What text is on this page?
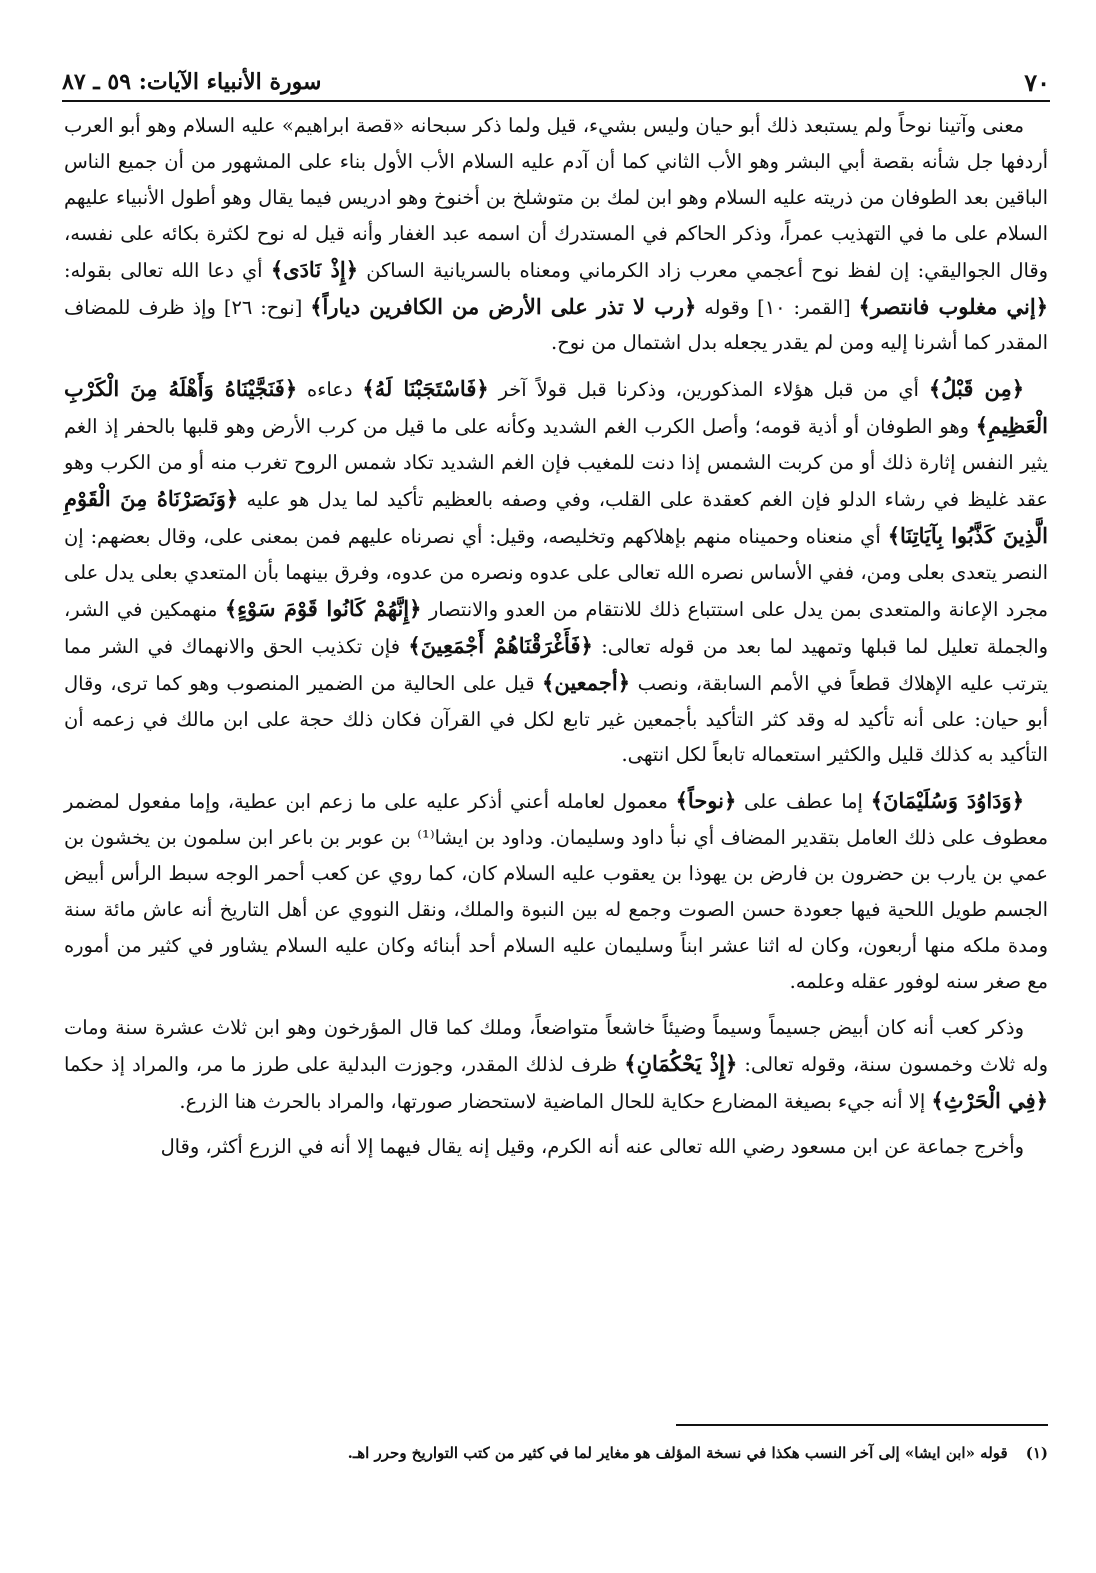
٧٠
سورة الأنبياء الآيات: ٥٩ ـ ٨٧

معنى وآتينا نوحاً ولم يستبعد ذلك أبو حيان وليس بشيء، قيل ولما ذكر سبحانه «قصة ابراهيم» عليه السلام وهو أبو العرب أردفها جل شأنه بقصة أبي البشر وهو الأب الثاني كما أن آدم عليه السلام الأب الأول بناء على المشهور من أن جميع الناس الباقين بعد الطوفان من ذريته عليه السلام وهو ابن لمك بن متوشلخ بن أخنوخ وهو ادريس فيما يقال وهو أطول الأنبياء عليهم السلام على ما في التهذيب عمراً، وذكر الحاكم في المستدرك أن اسمه عبد الغفار وأنه قيل له نوح لكثرة بكائه على نفسه، وقال الجواليقي: إن لفظ نوح أعجمي معرب زاد الكرماني ومعناه بالسريانية الساكن ﴿إِذْ نَادَى﴾ أي دعا الله تعالى بقوله: ﴿إني مغلوب فانتصر﴾ [القمر: ١٠] وقوله ﴿رب لا تذر على الأرض من الكافرين دياراً﴾ [نوح: ٢٦] وإذ ظرف للمضاف المقدر كما أشرنا إليه ومن لم يقدر يجعله بدل اشتمال من نوح.

﴿مِن قَبْلُ﴾ أي من قبل هؤلاء المذكورين، وذكرنا قبل قولاً آخر ﴿فَاسْتَجَبْنَا لَهُ﴾ دعاءه ﴿فَنَجَّيْنَاهُ وَأَهْلَهُ مِنَ الْكَرْبِ الْعَظِيمِ﴾ وهو الطوفان أو أذية قومه؛ وأصل الكرب الغم الشديد وكأنه على ما قيل من كرب الأرض وهو قلبها بالحفر إذ الغم يثير النفس إثارة ذلك أو من كربت الشمس إذا دنت للمغيب فإن الغم الشديد تكاد شمس الروح تغرب منه أو من الكرب وهو عقد غليظ في رشاء الدلو فإن الغم كعقدة على القلب، وفي وصفه بالعظيم تأكيد لما يدل هو عليه ﴿وَنَصَرْنَاهُ مِنَ الْقَوْمِ الَّذِينَ كَذَّبُوا بِآيَاتِنَا﴾ أي منعناه وحميناه منهم بإهلاكهم وتخليصه، وقيل: أي نصرناه عليهم فمن بمعنى على، وقال بعضهم: إن النصر يتعدى بعلى ومن، ففي الأساس نصره الله تعالى على عدوه ونصره من عدوه، وفرق بينهما بأن المتعدي بعلى يدل على مجرد الإعانة والمتعدى بمن يدل على استتباع ذلك للانتقام من العدو والانتصار ﴿إِنَّهُمْ كَانُوا قَوْمَ سَوْءٍ﴾ منهمكين في الشر، والجملة تعليل لما قبلها وتمهيد لما بعد من قوله تعالى: ﴿فَأَغْرَقْنَاهُمْ أَجْمَعِينَ﴾ فإن تكذيب الحق والانهماك في الشر مما يترتب عليه الإهلاك قطعاً في الأمم السابقة، ونصب ﴿أجمعين﴾ قيل على الحالية من الضمير المنصوب وهو كما ترى، وقال أبو حيان: على أنه تأكيد له وقد كثر التأكيد بأجمعين غير تابع لكل في القرآن فكان ذلك حجة على ابن مالك في زعمه أن التأكيد به كذلك قليل والكثير استعماله تابعاً لكل انتهى.

﴿وَدَاوُدَ وَسُلَيْمَانَ﴾ إما عطف على ﴿نوحاً﴾ معمول لعامله أعني أذكر عليه على ما زعم ابن عطية، وإما مفعول لمضمر معطوف على ذلك العامل بتقدير المضاف أي نبأ داود وسليمان. وداود بن ايشا⁽¹⁾ بن عوبر بن باعر ابن سلمون بن يخشون بن عمي بن يارب بن حضرون بن فارض بن يهوذا بن يعقوب عليه السلام كان، كما روي عن كعب أحمر الوجه سبط الرأس أبيض الجسم طويل اللحية فيها جعودة حسن الصوت وجمع له بين النبوة والملك، ونقل النووي عن أهل التاريخ أنه عاش مائة سنة ومدة ملكه منها أربعون، وكان له اثنا عشر ابناً وسليمان عليه السلام أحد أبنائه وكان عليه السلام يشاور في كثير من أموره مع صغر سنه لوفور عقله وعلمه.

وذكر كعب أنه كان أبيض جسيماً وسيماً وضيئاً خاشعاً متواضعاً، وملك كما قال المؤرخون وهو ابن ثلاث عشرة سنة ومات وله ثلاث وخمسون سنة، وقوله تعالى: ﴿إِذْ يَحْكُمَانِ﴾ ظرف لذلك المقدر، وجوزت البدلية على طرز ما مر، والمراد إذ حكما ﴿فِي الْحَرْثِ﴾ إلا أنه جيء بصيغة المضارع حكاية للحال الماضية لاستحضار صورتها، والمراد بالحرث هنا الزرع.

وأخرج جماعة عن ابن مسعود رضي الله تعالى عنه أنه الكرم، وقيل إنه يقال فيهما إلا أنه في الزرع أكثر، وقال

(١)قوله «ابن ايشا» إلى آخر النسب هكذا في نسخة المؤلف هو مغاير لما في كثير من كتب التواريخ وحرر اهـ.
